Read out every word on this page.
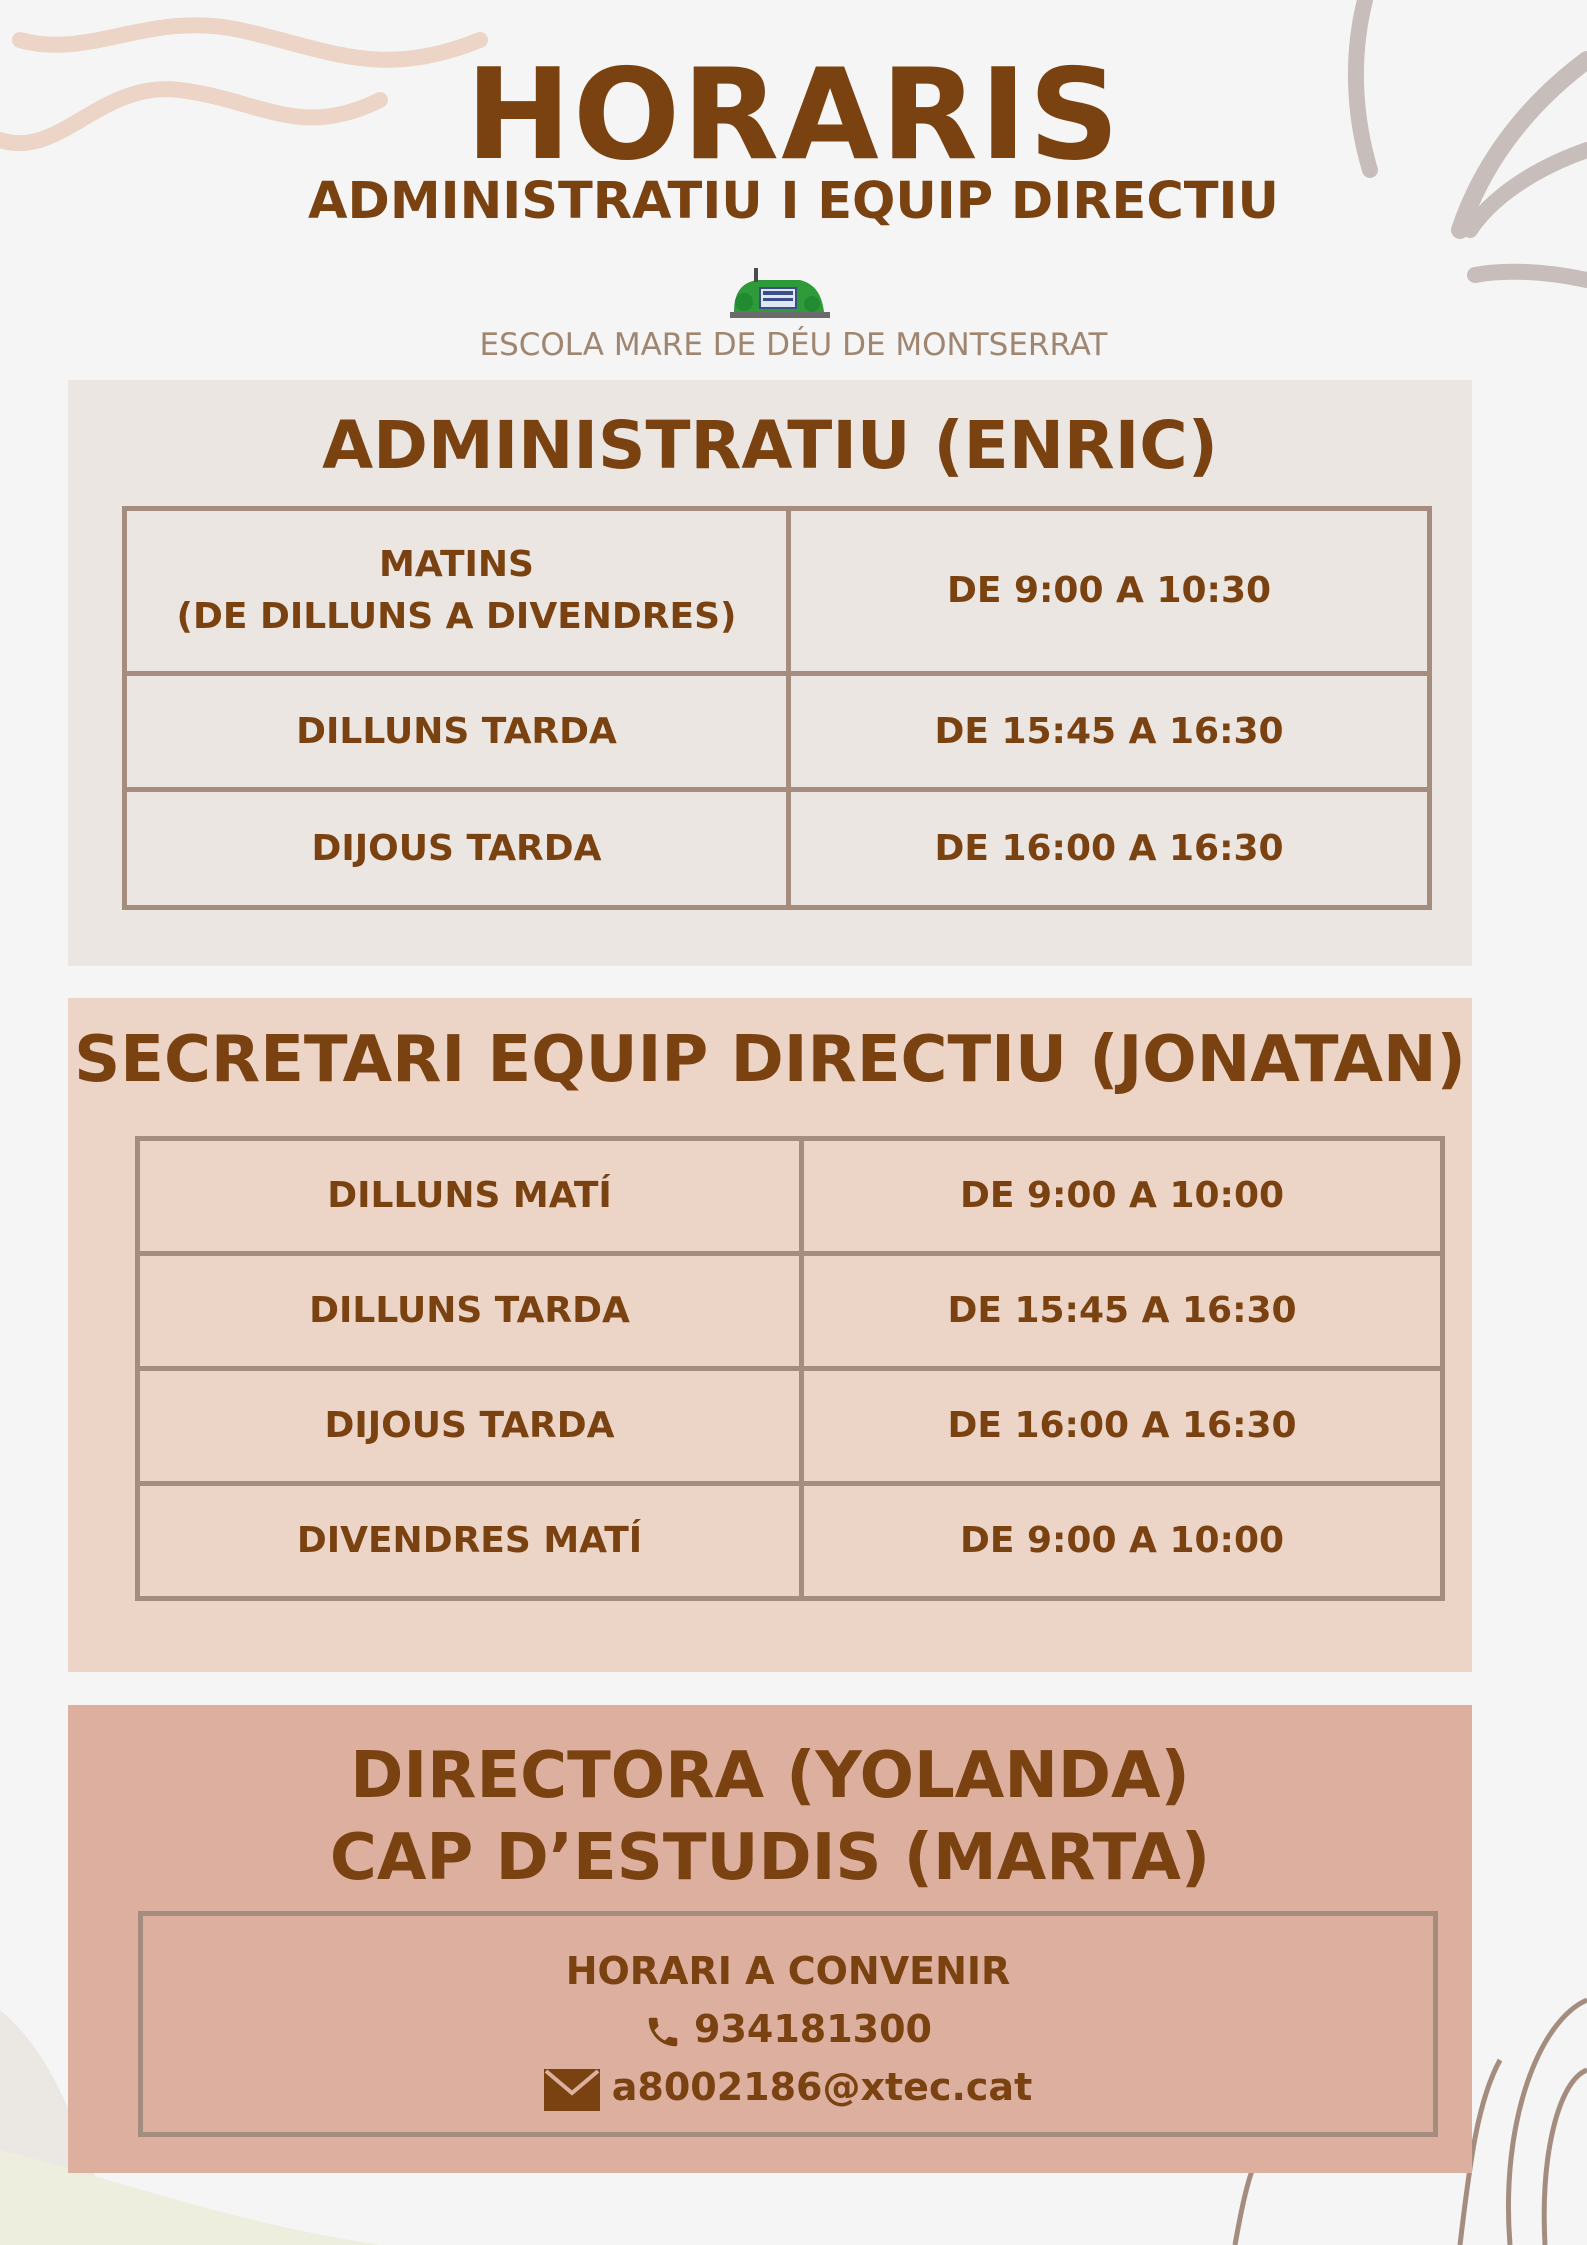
HORARIS
ADMINISTRATIU I EQUIP DIRECTIU
ESCOLA MARE DE DÉU DE MONTSERRAT
ADMINISTRATIU (ENRIC)
MATINS
(DE DILLUNS A DIVENDRES)	DE 9:00 A 10:30
DILLUNS TARDA	DE 15:45 A 16:30
DIJOUS TARDA	DE 16:00 A 16:30
SECRETARI EQUIP DIRECTIU (JONATAN)
DILLUNS MATÍ	DE 9:00 A 10:00
DILLUNS TARDA	DE 15:45 A 16:30
DIJOUS TARDA	DE 16:00 A 16:30
DIVENDRES MATÍ	DE 9:00 A 10:00
DIRECTORA (YOLANDA)
CAP D’ESTUDIS (MARTA)
HORARI A CONVENIR
934181300
a8002186@xtec.cat
